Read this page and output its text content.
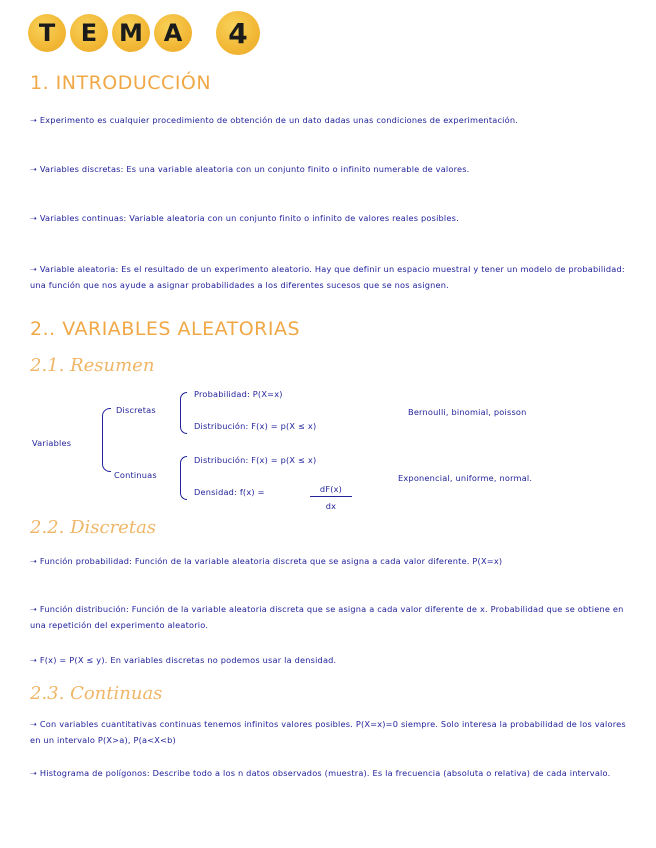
T	E M A	4
1. INTRODUCCIÓN
➝ Experimento es cualquier procedimiento de obtención de un dato dadas unas condiciones de experimentación.
➝ Variables discretas: Es una variable aleatoria con un conjunto finito o infinito numerable de valores.
➝ Variables continuas: Variable aleatoria con un conjunto finito o infinito de valores reales posibles.
➝ Variable aleatoria: Es el resultado de un experimento aleatorio. Hay que definir un espacio muestral y tener un modelo de probabilidad: una función que nos ayude a asignar probabilidades a los diferentes sucesos que se nos asignen.
2.. VARIABLES ALEATORIAS
2.1. Resumen
Variables
Discretas
Probabilidad: P(X=x)
Distribución: F(x) = p(X ≤ x)
Bernoulli, binomial, poisson
Continuas
Distribución: F(x) = p(X ≤ x)
Densidad: f(x) =	dF(x)
dx
Exponencial, uniforme, normal.
2.2. Discretas
➝ Función probabilidad: Función de la variable aleatoria discreta que se asigna a cada valor diferente. P(X=x)
➝ Función distribución: Función de la variable aleatoria discreta que se asigna a cada valor diferente de x. Probabilidad que se obtiene en una repetición del experimento aleatorio.
➝ F(x) = P(X ≤ y). En variables discretas no podemos usar la densidad.
2.3. Continuas
➝ Con variables cuantitativas continuas tenemos infinitos valores posibles. P(X=x)=0 siempre. Solo interesa la probabilidad de los valores en un intervalo P(X>a), P(a<X<b)
➝ Histograma de polígonos: Describe todo a los n datos observados (muestra). Es la frecuencia (absoluta o relativa) de cada intervalo.
